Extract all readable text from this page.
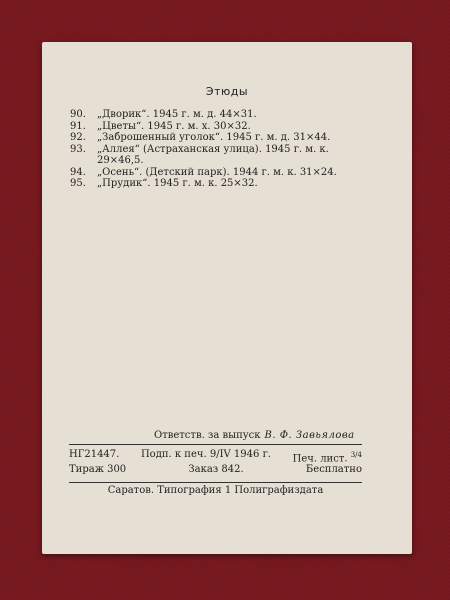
Этюды
90.	„Дворик“. 1945 г. м. д. 44×31.
91.	„Цветы“. 1945 г. м. х. 30×32.
92.	„Заброшенный уголок“. 1945 г. м. д. 31×44.
93.	„Аллея“ (Астраханская улица). 1945 г. м. к. 29×46,5.
94.	„Осень“. (Детский парк). 1944 г. м. к. 31×24.
95.	„Прудик“. 1945 г. м. к. 25×32.
Ответств. за выпуск В. Ф. Завьялова
НГ21447. Подп. к печ. 9/IV 1946 г. Печ. лист. $^{3/4}$
Тираж 300	Заказ 842.	Бесплатно
Саратов. Типография 1 Полиграфиздата
